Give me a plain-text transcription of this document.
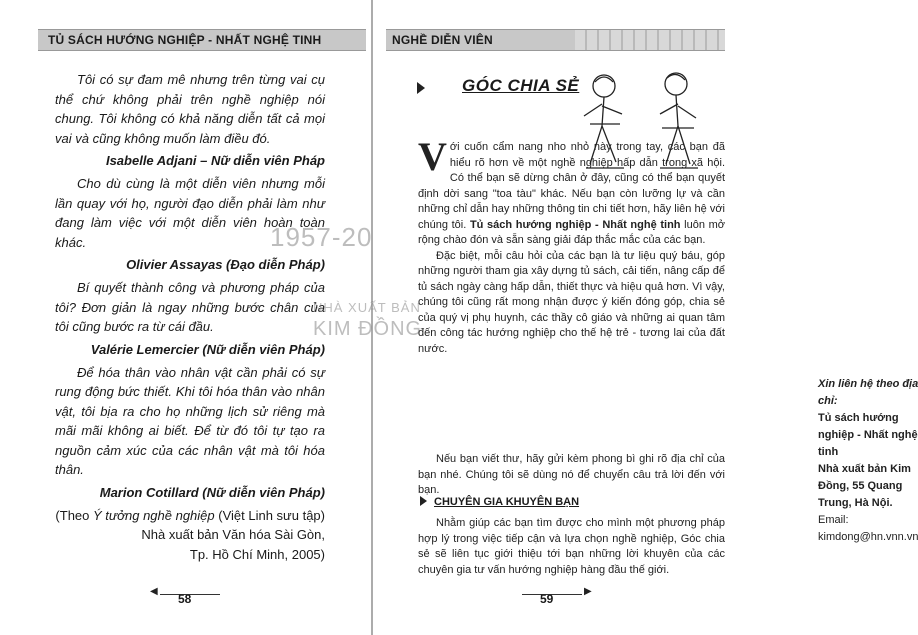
TỦ SÁCH HƯỚNG NGHIỆP - NHẤT NGHỆ TINH

Tôi có sự đam mê nhưng trên từng vai cụ thể chứ không phải trên nghề nghiệp nói chung. Tôi không có khả năng diễn tất cả mọi vai và cũng không muốn làm điều đó.

Isabelle Adjani – Nữ diễn viên Pháp

Cho dù cùng là một diễn viên nhưng mỗi lần quay với họ, người đạo diễn phải làm như đang làm việc với một diễn viên hoàn toàn khác.

Olivier Assayas (Đạo diễn Pháp)

Bí quyết thành công và phương pháp của tôi? Đơn giản là ngay những bước chân của tôi cũng bước ra từ cái đầu.

Valérie Lemercier (Nữ diễn viên Pháp)

Để hóa thân vào nhân vật cần phải có sự rung động bức thiết. Khi tôi hóa thân vào nhân vật, tôi bịa ra cho họ những lịch sử riêng mà mãi mãi không ai biết. Để từ đó tôi tự tạo ra nguồn cảm xúc của các nhân vật mà tôi hóa thân.

Marion Cotillard (Nữ diễn viên Pháp)

(Theo Ý tưởng nghề nghiệp (Việt Linh sưu tập)
Nhà xuất bản Văn hóa Sài Gòn,
Tp. Hồ Chí Minh, 2005)

◀
58
1957-20
NHÀ XUẤT BẢN
KIM ĐỒNG
NGHỀ DIỄN VIÊN
GÓC CHIA SẺ

Với cuốn cẩm nang nho nhỏ này trong tay, các bạn đã hiểu rõ hơn về một nghề nghiệp hấp dẫn trong xã hội. Có thể bạn sẽ dừng chân ở đây, cũng có thể bạn quyết định dời sang "toa tàu" khác. Nếu bạn còn lưỡng lự và cần những chỉ dẫn hay những thông tin chi tiết hơn, hãy liên hệ với chúng tôi. Tủ sách hướng nghiệp - Nhất nghệ tinh luôn mở rộng chào đón và sẵn sàng giải đáp thắc mắc của các bạn.

Đặc biệt, mỗi câu hỏi của các bạn là tư liệu quý báu, góp những người tham gia xây dựng tủ sách, cải tiến, nâng cấp để tủ sách ngày càng hấp dẫn, thiết thực và hiệu quả hơn. Vì vậy, chúng tôi cũng rất mong nhận được ý kiến đóng góp, chia sẻ của quý vị phụ huynh, các thầy cô giáo và những ai quan tâm đến công tác hướng nghiệp cho thế hệ trẻ - tương lai của đất nước.

Xin liên hệ theo địa chỉ:
Tủ sách hướng nghiệp - Nhất nghệ tinh
Nhà xuất bản Kim Đồng, 55 Quang Trung, Hà Nội.
Email: kimdong@hn.vnn.vn

Nếu bạn viết thư, hãy gửi kèm phong bì ghi rõ địa chỉ của bạn nhé. Chúng tôi sẽ dùng nó để chuyển câu trả lời đến với bạn.

CHUYÊN GIA KHUYÊN BẠN

Nhằm giúp các bạn tìm được cho mình một phương pháp hợp lý trong việc tiếp cận và lựa chọn nghề nghiệp, Góc chia sẻ sẽ liên tục giới thiệu tới bạn những lời khuyên của các chuyên gia tư vấn hướng nghiệp hàng đầu thế giới.

59
▶
